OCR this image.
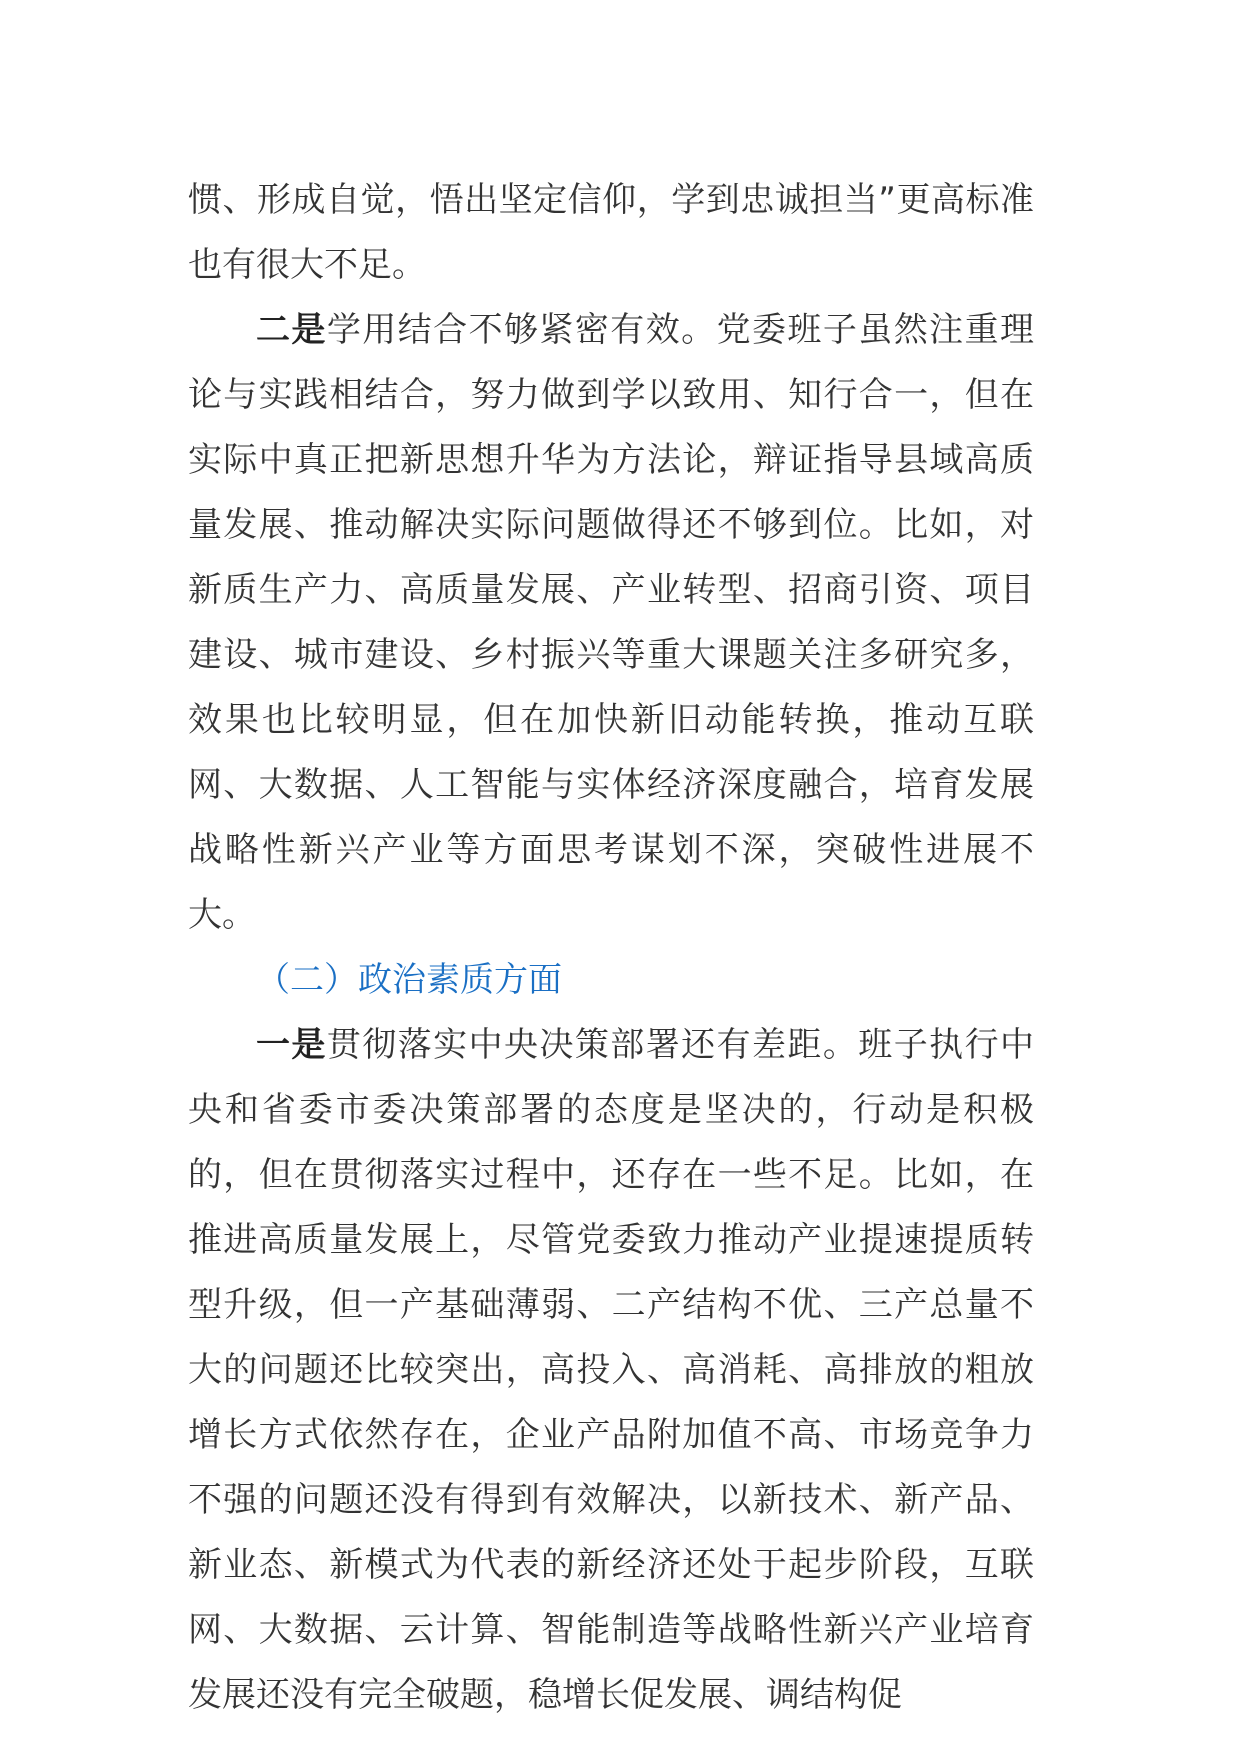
惯、形成自觉，悟出坚定信仰，学到忠诚担当”更高标准也有很大不足。

二是学用结合不够紧密有效。党委班子虽然注重理论与实践相结合，努力做到学以致用、知行合一，但在实际中真正把新思想升华为方法论，辩证指导县域高质量发展、推动解决实际问题做得还不够到位。比如，对新质生产力、高质量发展、产业转型、招商引资、项目建设、城市建设、乡村振兴等重大课题关注多研究多，效果也比较明显，但在加快新旧动能转换，推动互联网、大数据、人工智能与实体经济深度融合，培育发展战略性新兴产业等方面思考谋划不深，突破性进展不大。

（二）政治素质方面

一是贯彻落实中央决策部署还有差距。班子执行中央和省委市委决策部署的态度是坚决的，行动是积极的，但在贯彻落实过程中，还存在一些不足。比如，在推进高质量发展上，尽管党委致力推动产业提速提质转型升级，但一产基础薄弱、二产结构不优、三产总量不大的问题还比较突出，高投入、高消耗、高排放的粗放增长方式依然存在，企业产品附加值不高、市场竞争力不强的问题还没有得到有效解决，以新技术、新产品、新业态、新模式为代表的新经济还处于起步阶段，互联网、大数据、云计算、智能制造等战略性新兴产业培育发展还没有完全破题，稳增长促发展、调结构促
